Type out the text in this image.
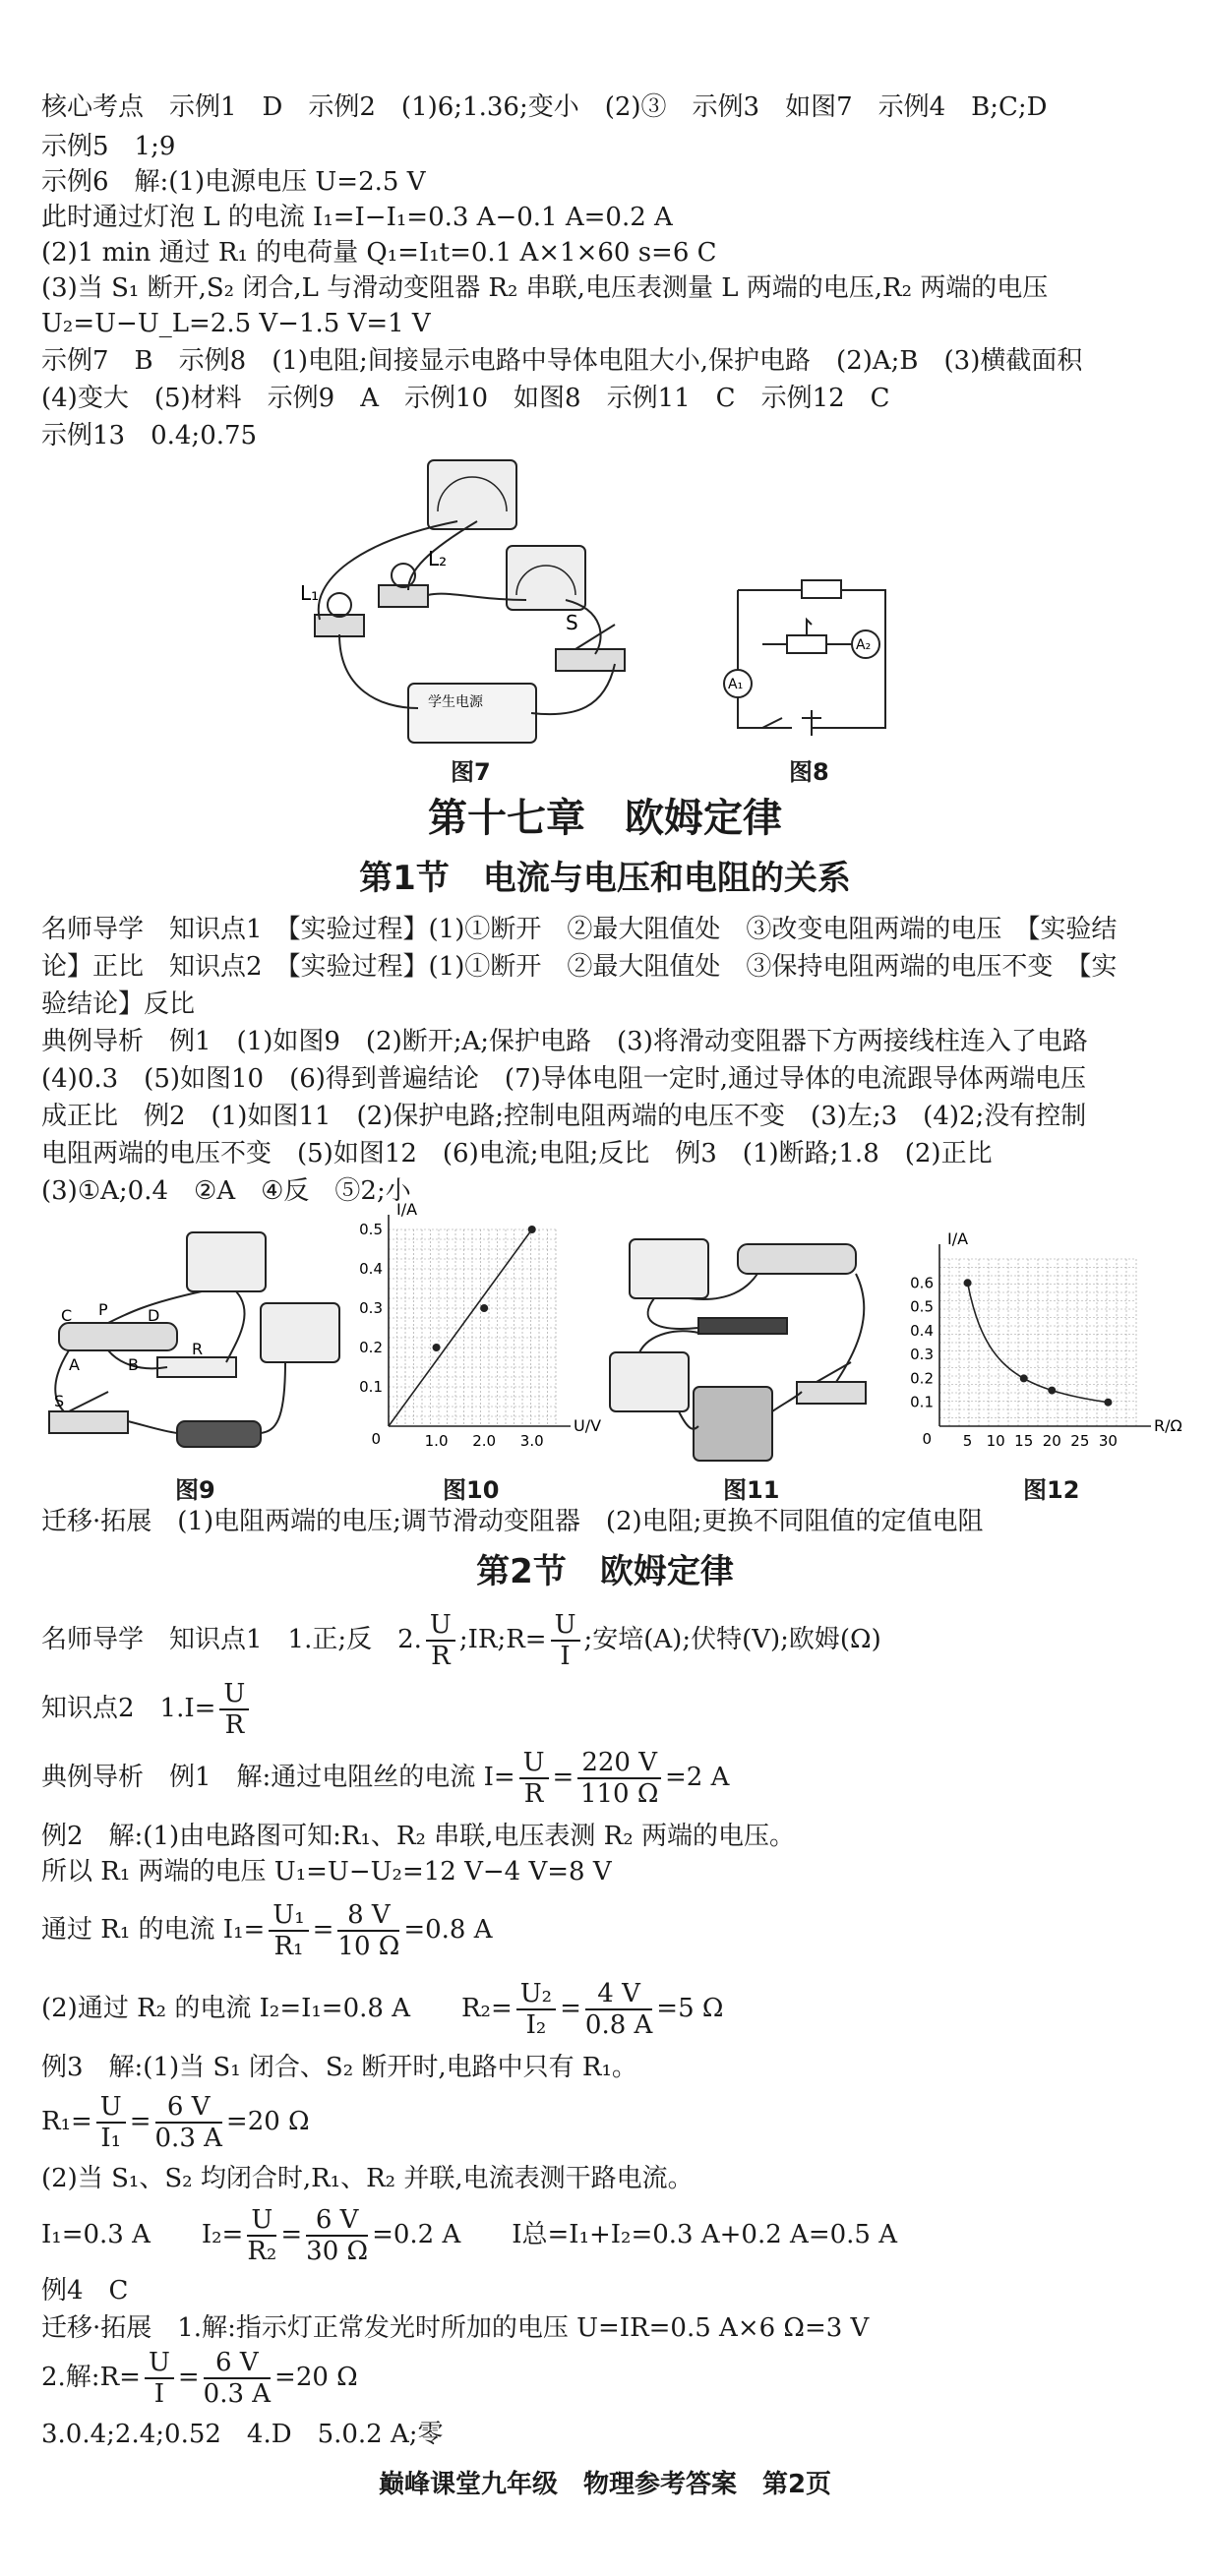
核心考点　示例1　D　示例2　(1)6;1.36;变小　(2)③　示例3　如图7　示例4　B;C;D
示例5　1;9
示例6　解:(1)电源电压 U=2.5 V
此时通过灯泡 L 的电流 I₁=I−I₁=0.3 A−0.1 A=0.2 A
(2)1 min 通过 R₁ 的电荷量 Q₁=I₁t=0.1 A×1×60 s=6 C
(3)当 S₁ 断开,S₂ 闭合,L 与滑动变阻器 R₂ 串联,电压表测量 L 两端的电压,R₂ 两端的电压
U₂=U−U_L=2.5 V−1.5 V=1 V
示例7　B　示例8　(1)电阻;间接显示电路中导体电阻大小,保护电路　(2)A;B　(3)横截面积
(4)变大　(5)材料　示例9　A　示例10　如图8　示例11　C　示例12　C
示例13　0.4;0.75
L₁
L₂
S
学生电源
图7
A₂
A₁
图8
第十七章　欧姆定律
第1节　电流与电压和电阻的关系
名师导学　知识点1　【实验过程】(1)①断开　②最大阻值处　③改变电阻两端的电压　【实验结
论】正比　知识点2　【实验过程】(1)①断开　②最大阻值处　③保持电阻两端的电压不变　【实
验结论】反比
典例导析　例1　(1)如图9　(2)断开;A;保护电路　(3)将滑动变阻器下方两接线柱连入了电路
(4)0.3　(5)如图10　(6)得到普遍结论　(7)导体电阻一定时,通过导体的电流跟导体两端电压
成正比　例2　(1)如图11　(2)保护电路;控制电阻两端的电压不变　(3)左;3　(4)2;没有控制
电阻两端的电压不变　(5)如图12　(6)电流;电阻;反比　例3　(1)断路;1.8　(2)正比
(3)①A;0.4　②A　④反　⑤2;小
C P	D
A	B
R
S
图9
1.0 2.0 3.0
0.1
0.2
0.3
0.4
0.5
0
I/A
U/V
图10	图11
5 10 15 20 25 30
0.1
0.2
0.3
0.4
0.5
0.6
0
I/A
R/Ω
图12
迁移·拓展　(1)电阻两端的电压;调节滑动变阻器　(2)电阻;更换不同阻值的定值电阻
第2节　欧姆定律
名师导学　知识点1　1.正;反　2. $\frac{U}{R}$ ;IR;R= $\frac{U}{I}$ ;安培(A);伏特(V);欧姆(Ω)
知识点2　$1.I= \frac{U}{R}$
典例导析　例1　解:通过电阻丝的电流 $I= \frac{U}{R} = \frac{220 V}{110 \Omega} =2$ A
例2　解:(1)由电路图可知:R₁、R₂ 串联,电压表测 R₂ 两端的电压。
所以 R₁ 两端的电压 U₁=U−U₂=12 V−4 V=8 V
通过 R₁ 的电流 $I_1= \frac{\text{U₁}}{\text{R₁}} = \frac{8 V}{10 \Omega} =0.8$ A
(2)通过 R₂ 的电流 I₂=I₁=0.8 A　　$R_2= \frac{\text{U₂}}{\text{I₂}} = \frac{4 V}{0.8 A} =5$ Ω
例3　解:(1)当 S₁ 闭合、S₂ 断开时,电路中只有 R₁。
$R_1= \frac{U}{\text{I₁}} = \frac{6 V}{0.3 A} =20$ Ω
(2)当 S₁、S₂ 均闭合时,R₁、R₂ 并联,电流表测干路电流。
I₁=0.3 A　　$I_2= \frac{U}{\text{R₂}} = \frac{6 V}{30 \Omega} =0.2$ A　　I总=I₁+I₂=0.3 A+0.2 A=0.5 A
例4　C
迁移·拓展　1.解:指示灯正常发光时所加的电压 U=IR=0.5 A×6 Ω=3 V
2.解:R= $\frac{U}{I} = \frac{6 V}{0.3 A} =20$ Ω
3.0.4;2.4;0.52　4.D　5.0.2 A;零
巅峰课堂九年级　物理参考答案　第2页
